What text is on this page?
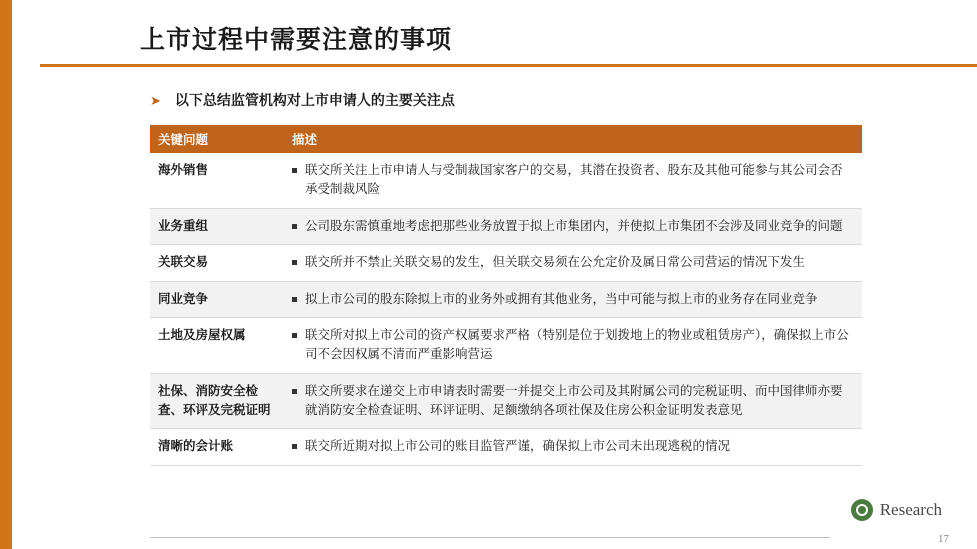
上市过程中需要注意的事项
➤ 以下总结监管机构对上市申请人的主要关注点
关键问题	描述
海外销售	联交所关注上市申请人与受制裁国家客户的交易，其潜在投资者、股东及其他可能参与其公司会否承受制裁风险

业务重组	公司股东需慎重地考虑把那些业务放置于拟上市集团内，并使拟上市集团不会涉及同业竞争的问题

关联交易	联交所并不禁止关联交易的发生，但关联交易须在公允定价及属日常公司营运的情况下发生

同业竞争	拟上市公司的股东除拟上市的业务外或拥有其他业务，当中可能与拟上市的业务存在同业竞争

土地及房屋权属	联交所对拟上市公司的资产权属要求严格（特别是位于划拨地上的物业或租赁房产），确保拟上市公司不会因权属不清而严重影响营运

社保、消防安全检查、环评及完税证明	联交所要求在递交上市申请表时需要一并提交上市公司及其附属公司的完税证明、而中国律师亦要就消防安全检查证明、环评证明、足额缴纳各项社保及住房公积金证明发表意见

清晰的会计账	联交所近期对拟上市公司的账目监管严谨，确保拟上市公司未出现逃税的情况
Research
17
